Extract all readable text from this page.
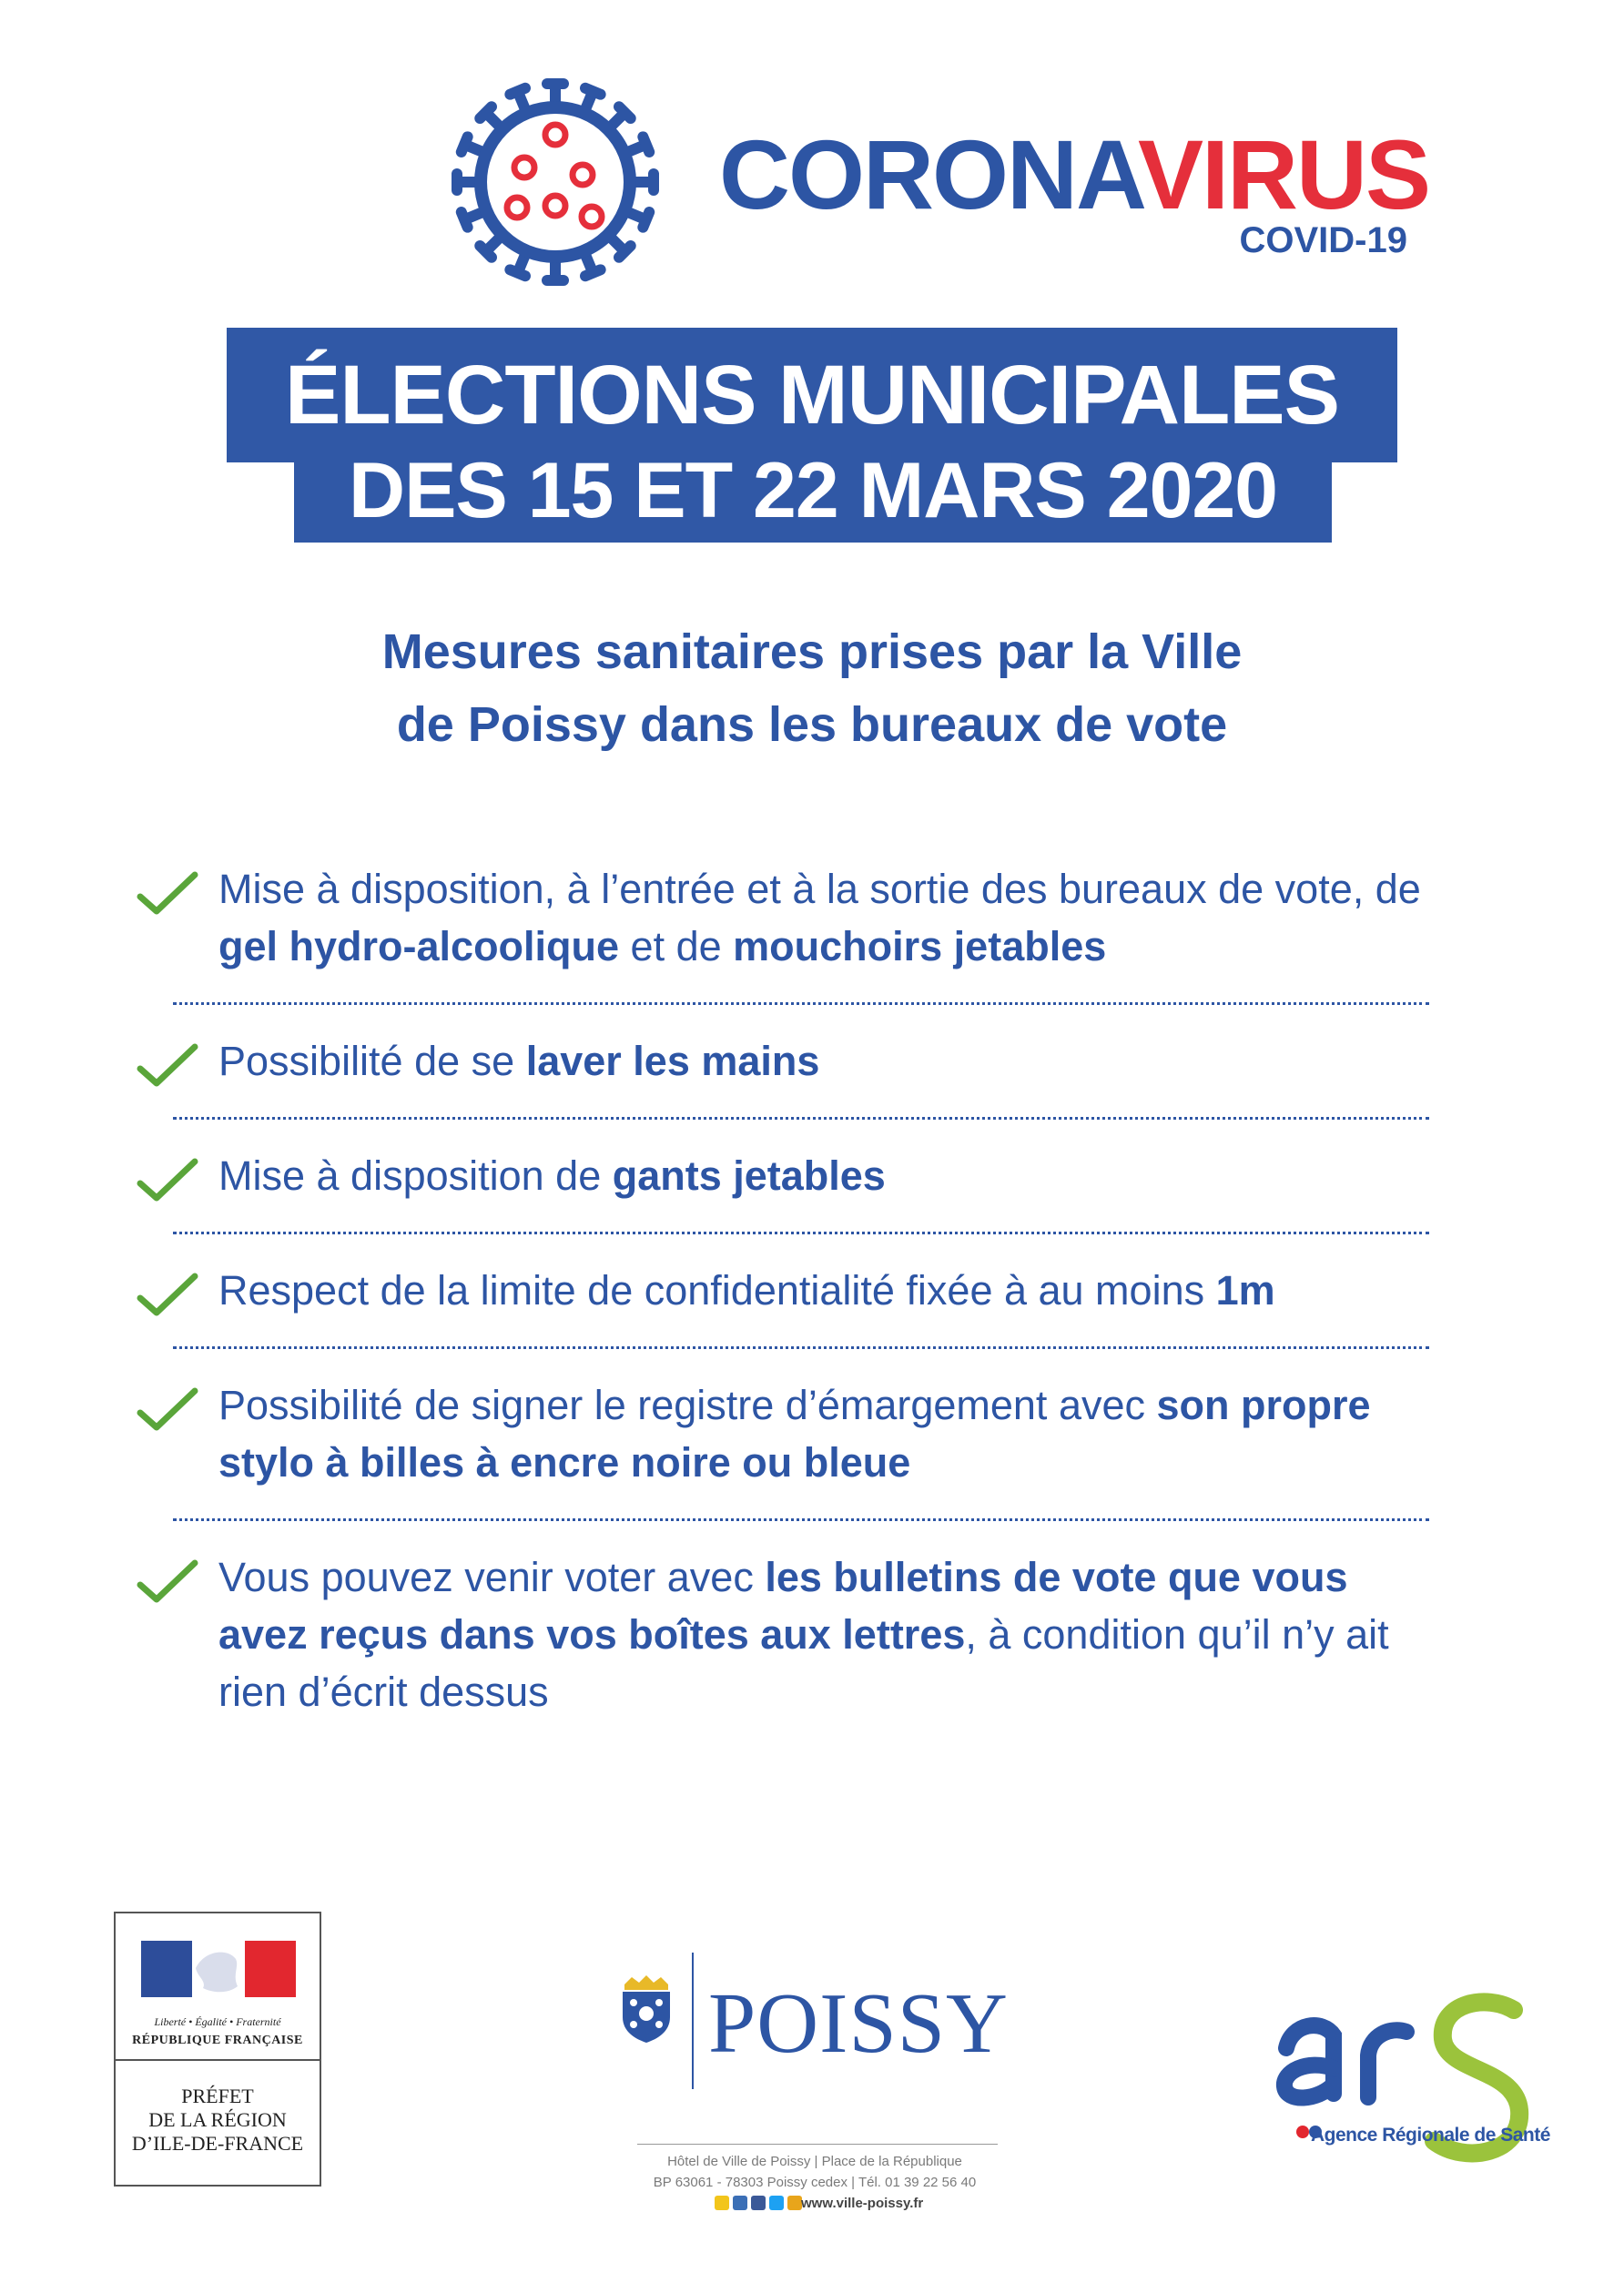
CORONAVIRUS
COVID-19
ÉLECTIONS MUNICIPALES
DES 15 ET 22 MARS 2020
Mesures sanitaires prises par la Ville
de Poissy dans les bureaux de vote
Mise à disposition, à l’entrée et à la sortie des bureaux de vote, de gel hydro-alcoolique et de mouchoirs jetables
Possibilité de se laver les mains
Mise à disposition de gants jetables
Respect de la limite de confidentialité fixée à au moins 1m
Possibilité de signer le registre d’émargement avec son propre stylo à billes à encre noire ou bleue
Vous pouvez venir voter avec les bulletins de vote que vous avez reçus dans vos boîtes aux lettres, à condition qu’il n’y ait rien d’écrit dessus
Liberté • Égalité • Fraternité
RÉPUBLIQUE FRANÇAISE
PRÉFET
DE LA RÉGION
D’ILE-DE-FRANCE
POISSY
Hôtel de Ville de Poissy | Place de la République
BP 63061 - 78303 Poissy cedex | Tél. 01 39 22 56 40
www.ville-poissy.fr
Agence Régionale de Santé
